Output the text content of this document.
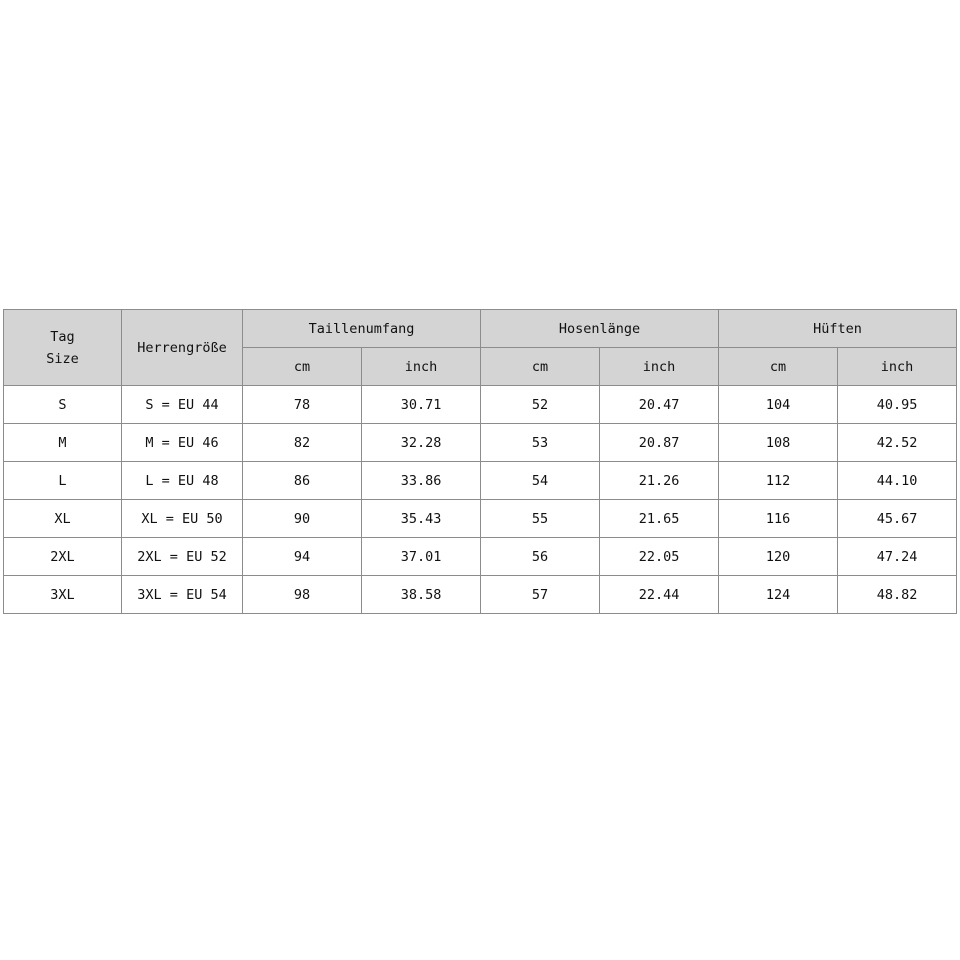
Tag
Size	Herrengröße	Taillenumfang		Hosenlänge		Hüften	
		cm	inch	cm	inch	cm	inch
S	S = EU 44	78	30.71	52	20.47	104	40.95
M	M = EU 46	82	32.28	53	20.87	108	42.52
L	L = EU 48	86	33.86	54	21.26	112	44.10
XL	XL = EU 50	90	35.43	55	21.65	116	45.67
2XL	2XL = EU 52	94	37.01	56	22.05	120	47.24
3XL	3XL = EU 54	98	38.58	57	22.44	124	48.82
